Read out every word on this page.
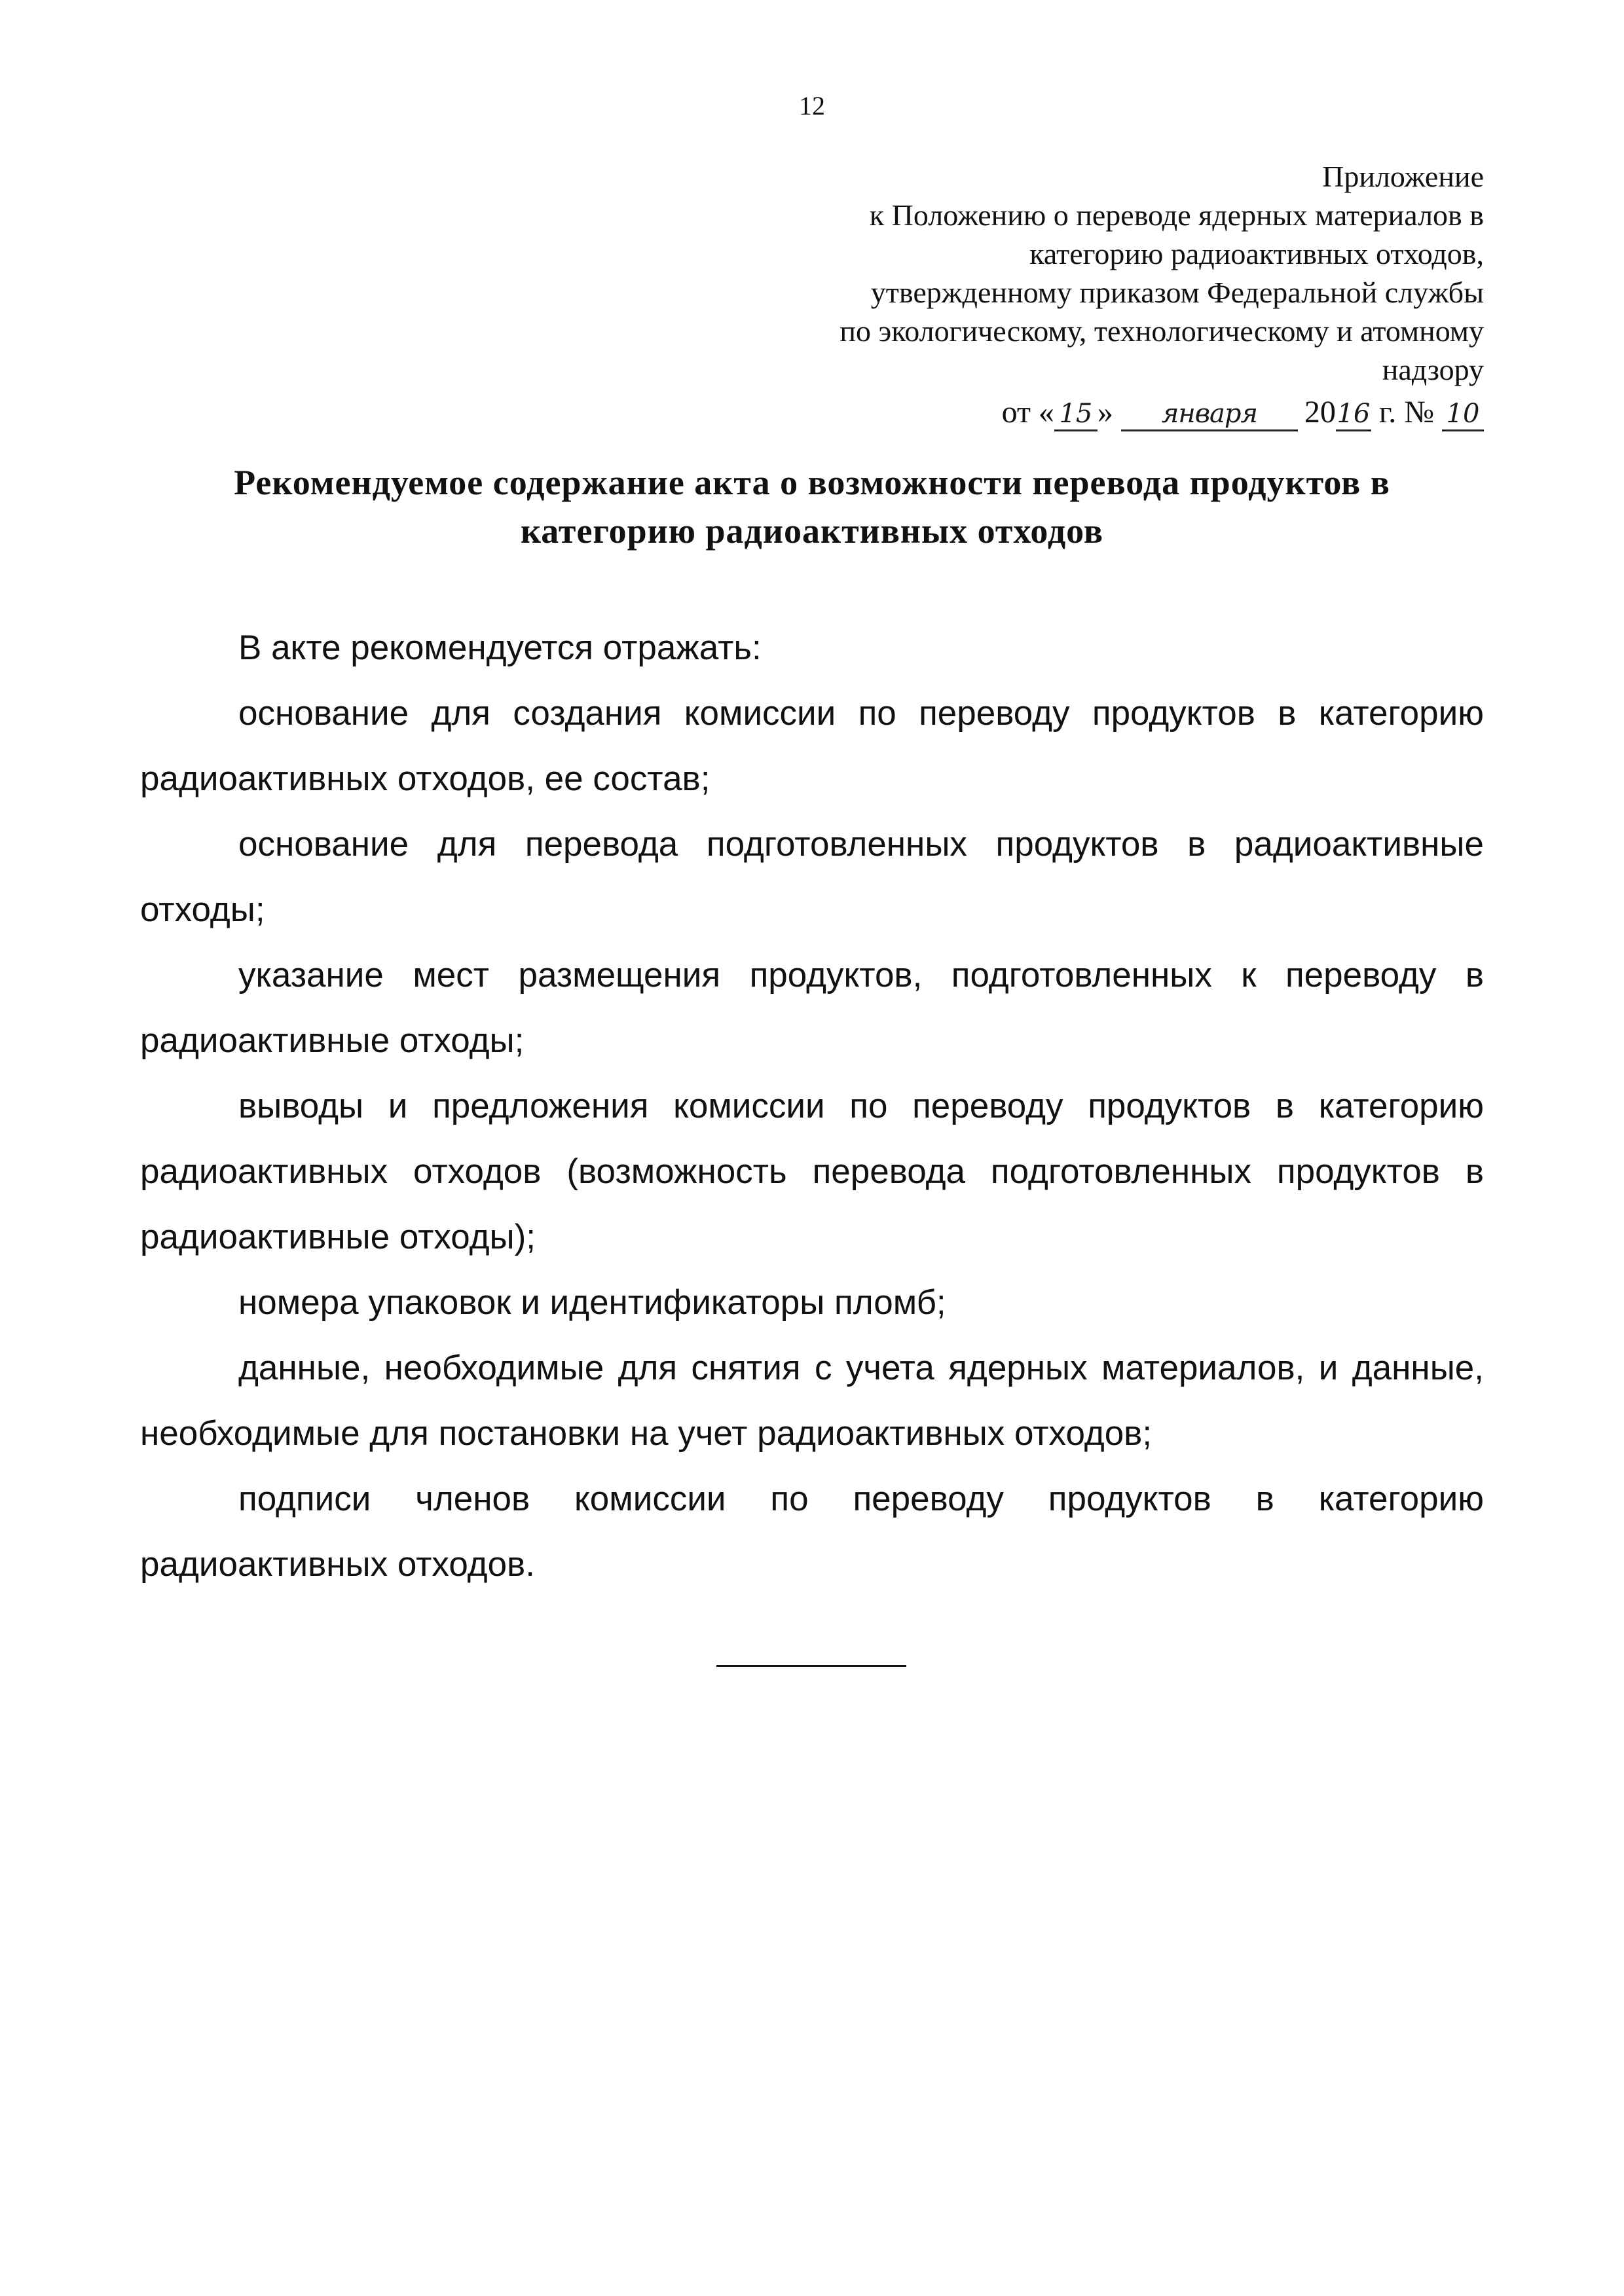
12
Приложение
к Положению о переводе ядерных материалов в
категорию радиоактивных отходов,
утвержденному приказом Федеральной службы
по экологическому, технологическому и атомному
надзору
от « 15 » января 2016 г. № 10
Рекомендуемое содержание акта о возможности перевода продуктов в
категорию радиоактивных отходов

В акте рекомендуется отражать:

основание для создания комиссии по переводу продуктов в категорию радиоактивных отходов, ее состав;

основание для перевода подготовленных продуктов в радиоактивные отходы;

указание мест размещения продуктов, подготовленных к переводу в радиоактивные отходы;

выводы и предложения комиссии по переводу продуктов в категорию радиоактивных отходов (возможность перевода подготовленных продуктов в радиоактивные отходы);

номера упаковок и идентификаторы пломб;

данные, необходимые для снятия с учета ядерных материалов, и данные, необходимые для постановки на учет радиоактивных отходов;

подписи членов комиссии по переводу продуктов в категорию радиоактивных отходов.
